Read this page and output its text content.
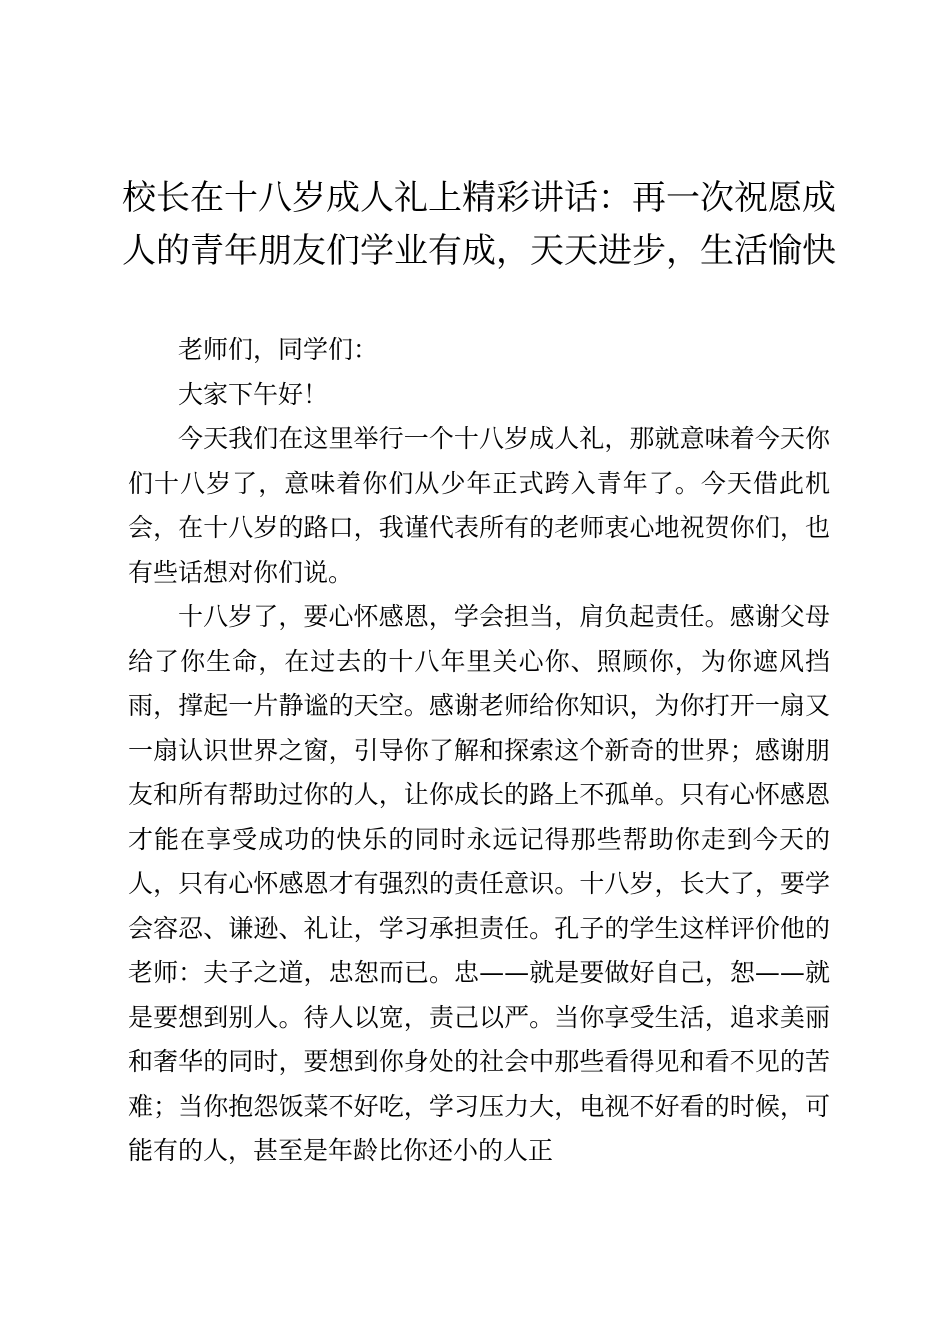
校长在十八岁成人礼上精彩讲话：再一次祝愿成人的青年朋友们学业有成，天天进步，生活愉快

老师们，同学们：

大家下午好！

今天我们在这里举行一个十八岁成人礼，那就意味着今天你们十八岁了，意味着你们从少年正式跨入青年了。今天借此机会，在十八岁的路口，我谨代表所有的老师衷心地祝贺你们，也有些话想对你们说。

十八岁了，要心怀感恩，学会担当，肩负起责任。感谢父母给了你生命，在过去的十八年里关心你、照顾你，为你遮风挡雨，撑起一片静谧的天空。感谢老师给你知识，为你打开一扇又一扇认识世界之窗，引导你了解和探索这个新奇的世界；感谢朋友和所有帮助过你的人，让你成长的路上不孤单。只有心怀感恩才能在享受成功的快乐的同时永远记得那些帮助你走到今天的人，只有心怀感恩才有强烈的责任意识。十八岁，长大了，要学会容忍、谦逊、礼让，学习承担责任。孔子的学生这样评价他的老师：夫子之道，忠恕而已。忠——就是要做好自己，恕——就是要想到别人。待人以宽，责己以严。当你享受生活，追求美丽和奢华的同时，要想到你身处的社会中那些看得见和看不见的苦难；当你抱怨饭菜不好吃，学习压力大，电视不好看的时候，可能有的人，甚至是年龄比你还小的人正
